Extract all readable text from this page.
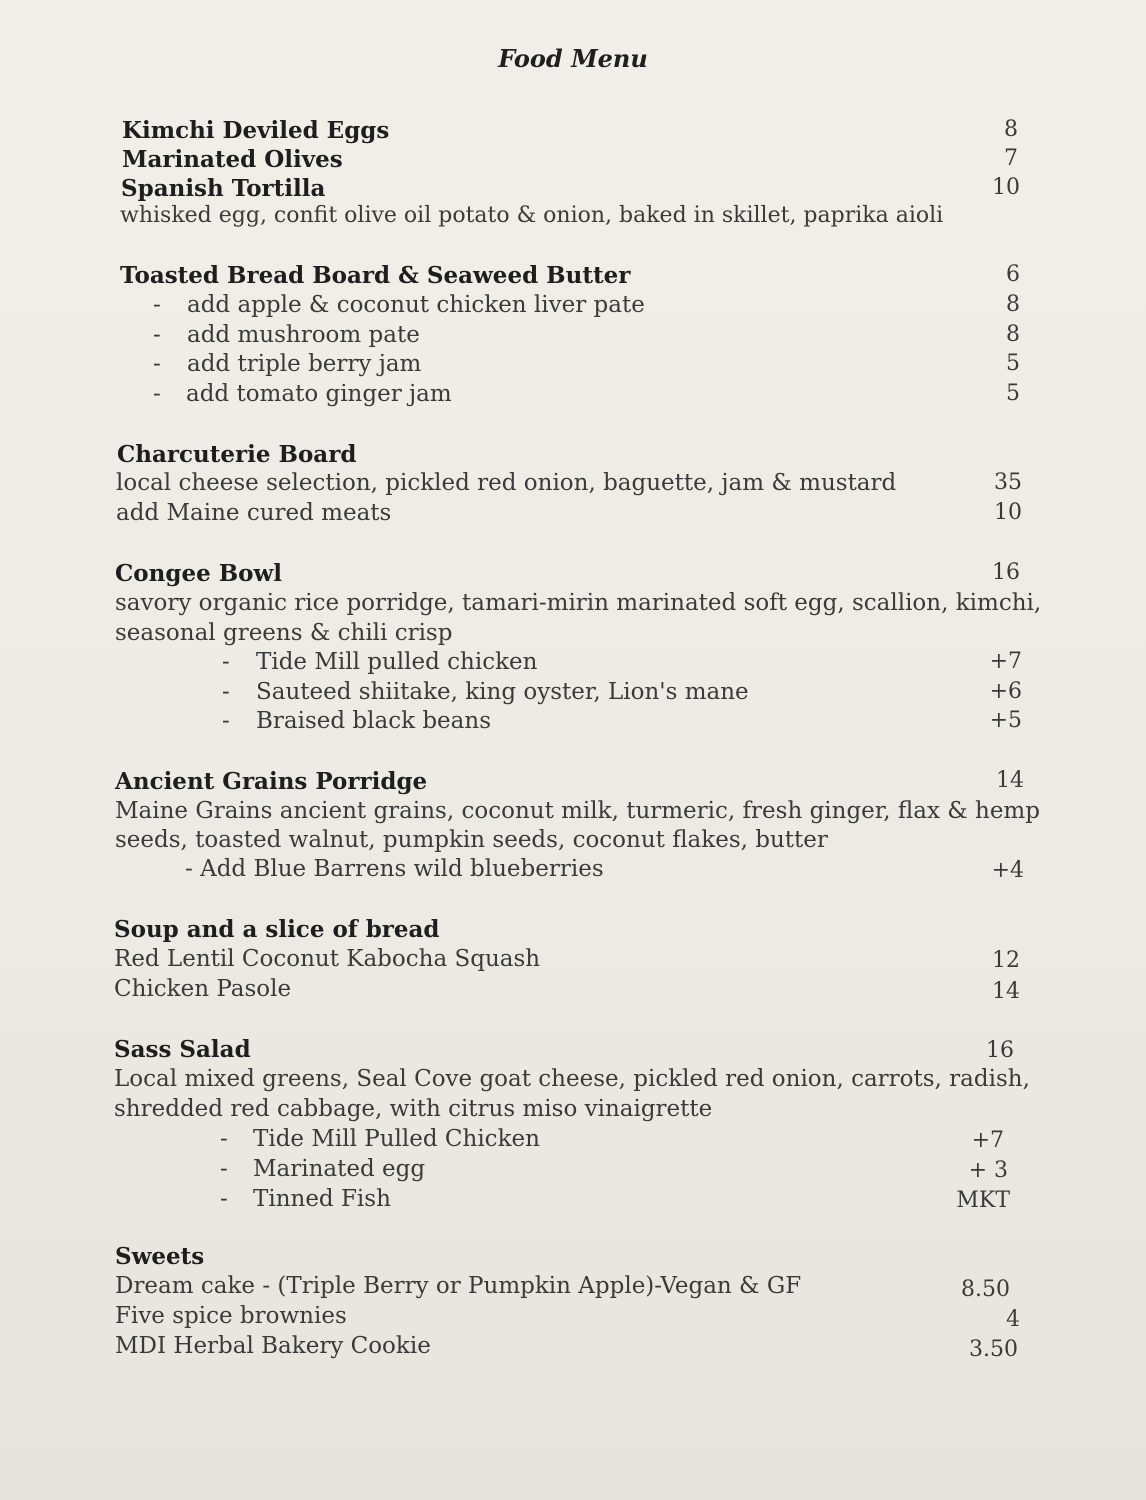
Food Menu
Kimchi Deviled Eggs	8
Marinated Olives	7
Spanish Tortilla	10
whisked egg, confit olive oil potato & onion, baked in skillet, paprika aioli
Toasted Bread Board & Seaweed Butter	6
- add apple & coconut chicken liver pate	8
- add mushroom pate	8
- add triple berry jam	5
- add tomato ginger jam	5
Charcuterie Board
local cheese selection, pickled red onion, baguette, jam & mustard	35
add Maine cured meats	10
Congee Bowl	16
savory organic rice porridge, tamari-mirin marinated soft egg, scallion, kimchi,
seasonal greens & chili crisp
- Tide Mill pulled chicken	+7
- Sauteed shiitake, king oyster, Lion's mane	+6
- Braised black beans	+5
Ancient Grains Porridge	14
Maine Grains ancient grains, coconut milk, turmeric, fresh ginger, flax & hemp
seeds, toasted walnut, pumpkin seeds, coconut flakes, butter
- Add Blue Barrens wild blueberries	+4
Soup and a slice of bread
Red Lentil Coconut Kabocha Squash	12
Chicken Pasole	14
Sass Salad	16
Local mixed greens, Seal Cove goat cheese, pickled red onion, carrots, radish,
shredded red cabbage, with citrus miso vinaigrette
- Tide Mill Pulled Chicken	+7
- Marinated egg	+ 3
- Tinned Fish	MKT
Sweets
Dream cake - (Triple Berry or Pumpkin Apple)-Vegan & GF	8.50
Five spice brownies	4
MDI Herbal Bakery Cookie	3.50
